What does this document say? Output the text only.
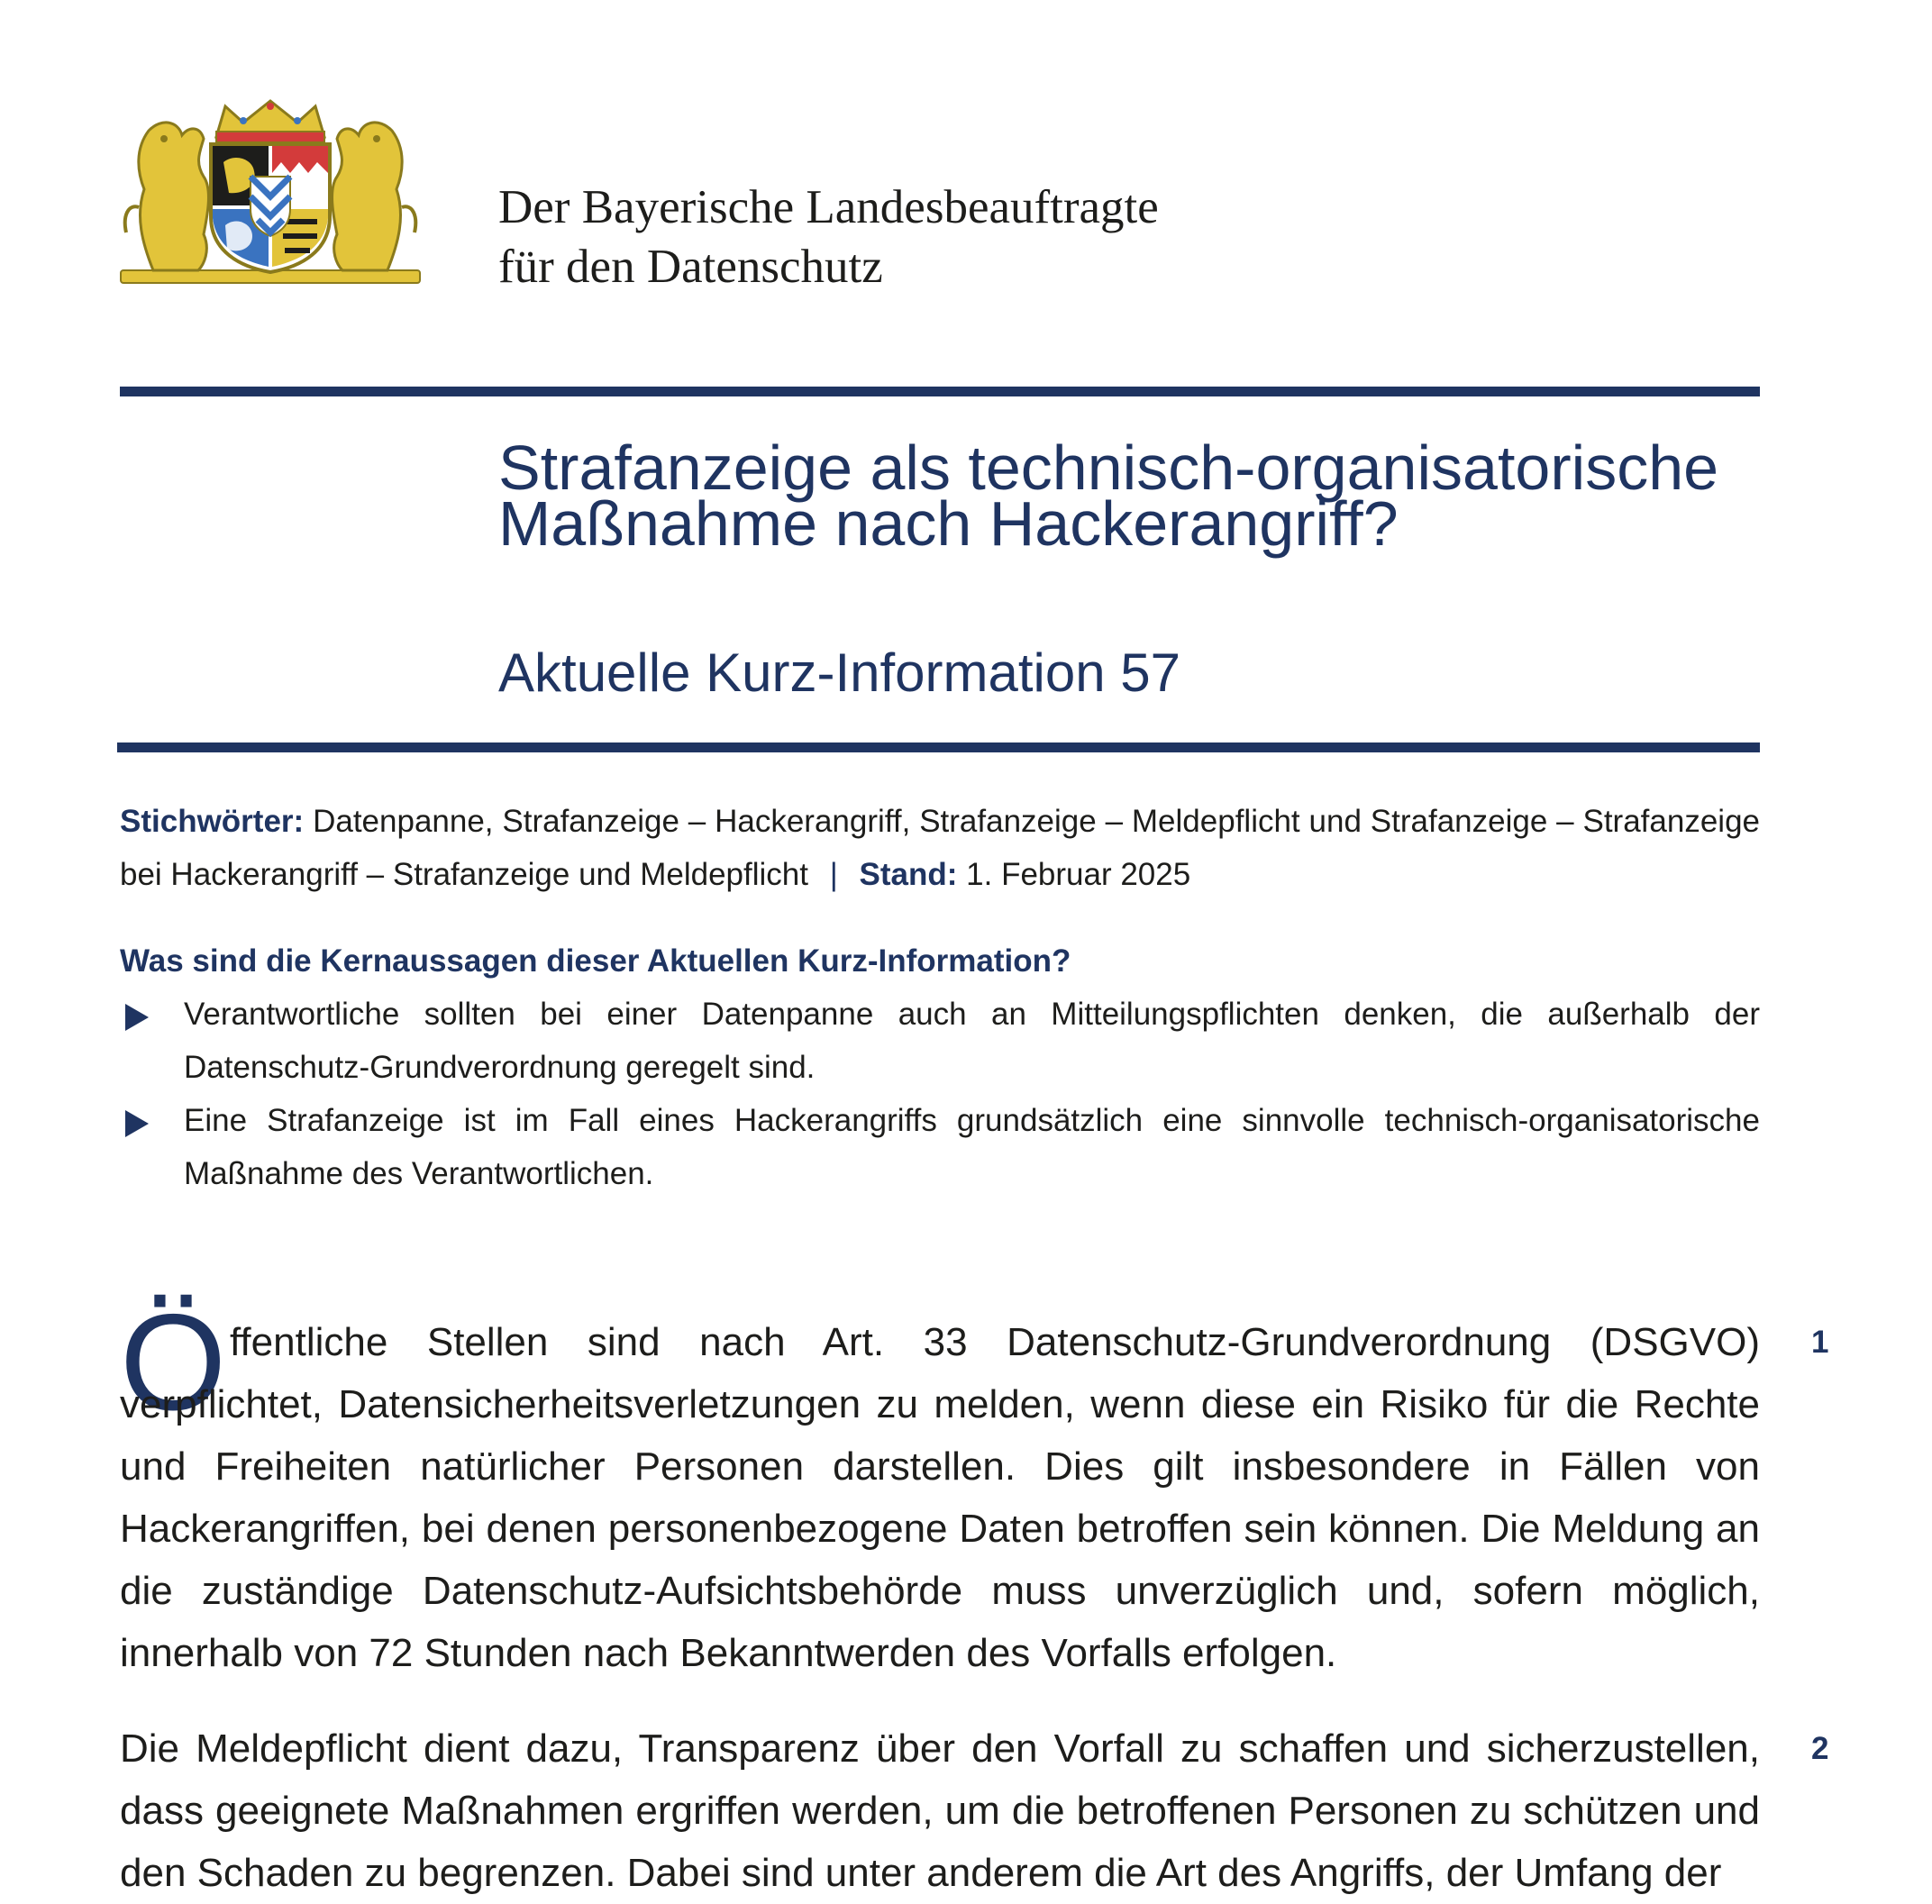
Der Bayerische Landesbeauftragte
für den Datenschutz
Strafanzeige als technisch-organisatorische Maßnahme nach Hackerangriff?
Aktuelle Kurz-Information 57
Stichwörter: Datenpanne, Strafanzeige – Hackerangriff, Strafanzeige – Meldepflicht und Strafanzeige – Strafanzeige bei Hackerangriff – Strafanzeige und Meldepflicht | Stand: 1. Februar 2025
Was sind die Kernaussagen dieser Aktuellen Kurz-Information?
Verantwortliche sollten bei einer Datenpanne auch an Mitteilungspflichten denken, die außerhalb der Datenschutz-Grundverordnung geregelt sind.
Eine Strafanzeige ist im Fall eines Hackerangriffs grundsätzlich eine sinnvolle technisch-organisatorische Maßnahme des Verantwortlichen.
Ö ffentliche Stellen sind nach Art. 33 Datenschutz-Grundverordnung (DSGVO) verpflichtet, Datensicherheitsverletzungen zu melden, wenn diese ein Risiko für die Rechte und Freiheiten natürlicher Personen darstellen. Dies gilt insbesondere in Fällen von Hackerangriffen, bei denen personenbezogene Daten betroffen sein können. Die Meldung an die zuständige Datenschutz-Aufsichtsbehörde muss unverzüglich und, sofern möglich, innerhalb von 72 Stunden nach Bekanntwerden des Vorfalls erfolgen.

1

Die Meldepflicht dient dazu, Transparenz über den Vorfall zu schaffen und sicherzustellen, dass geeignete Maßnahmen ergriffen werden, um die betroffenen Personen zu schützen und den Schaden zu begrenzen. Dabei sind unter anderem die Art des Angriffs, der Umfang der

2
